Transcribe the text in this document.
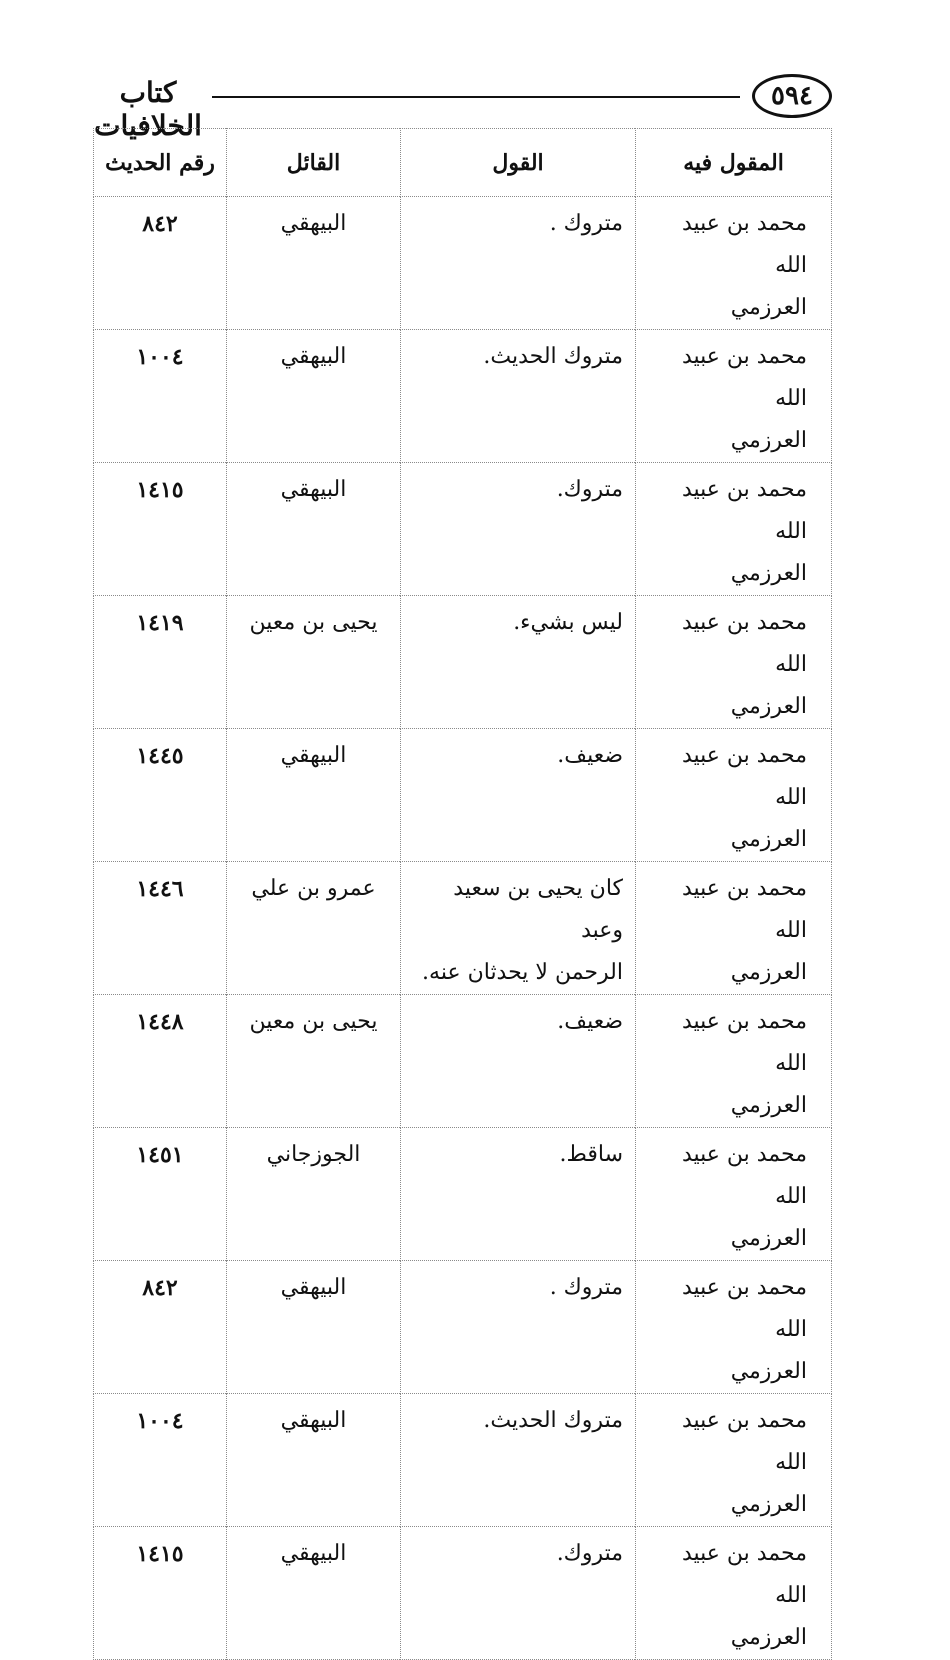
كتاب الخلافيات
٥٩٤
المقول فيه	القول	القائل	رقم الحديث

محمد بن عبيد الله
العرزمي	متروك .	البيهقي	٨٤٢

محمد بن عبيد الله
العرزمي	متروك الحديث.	البيهقي	١٠٠٤

محمد بن عبيد الله
العرزمي	متروك.	البيهقي	١٤١٥

محمد بن عبيد الله
العرزمي	ليس بشيء.	يحيى بن معين	١٤١٩

محمد بن عبيد الله
العرزمي	ضعيف.	البيهقي	١٤٤٥

محمد بن عبيد الله
العرزمي	كان يحيى بن سعيد وعبد
الرحمن لا يحدثان عنه.	عمرو بن علي	١٤٤٦

محمد بن عبيد الله
العرزمي	ضعيف.	يحيى بن معين	١٤٤٨

محمد بن عبيد الله
العرزمي	ساقط.	الجوزجاني	١٤٥١

محمد بن عبيد الله
العرزمي	متروك .	البيهقي	٨٤٢

محمد بن عبيد الله
العرزمي	متروك الحديث.	البيهقي	١٠٠٤

محمد بن عبيد الله
العرزمي	متروك.	البيهقي	١٤١٥
